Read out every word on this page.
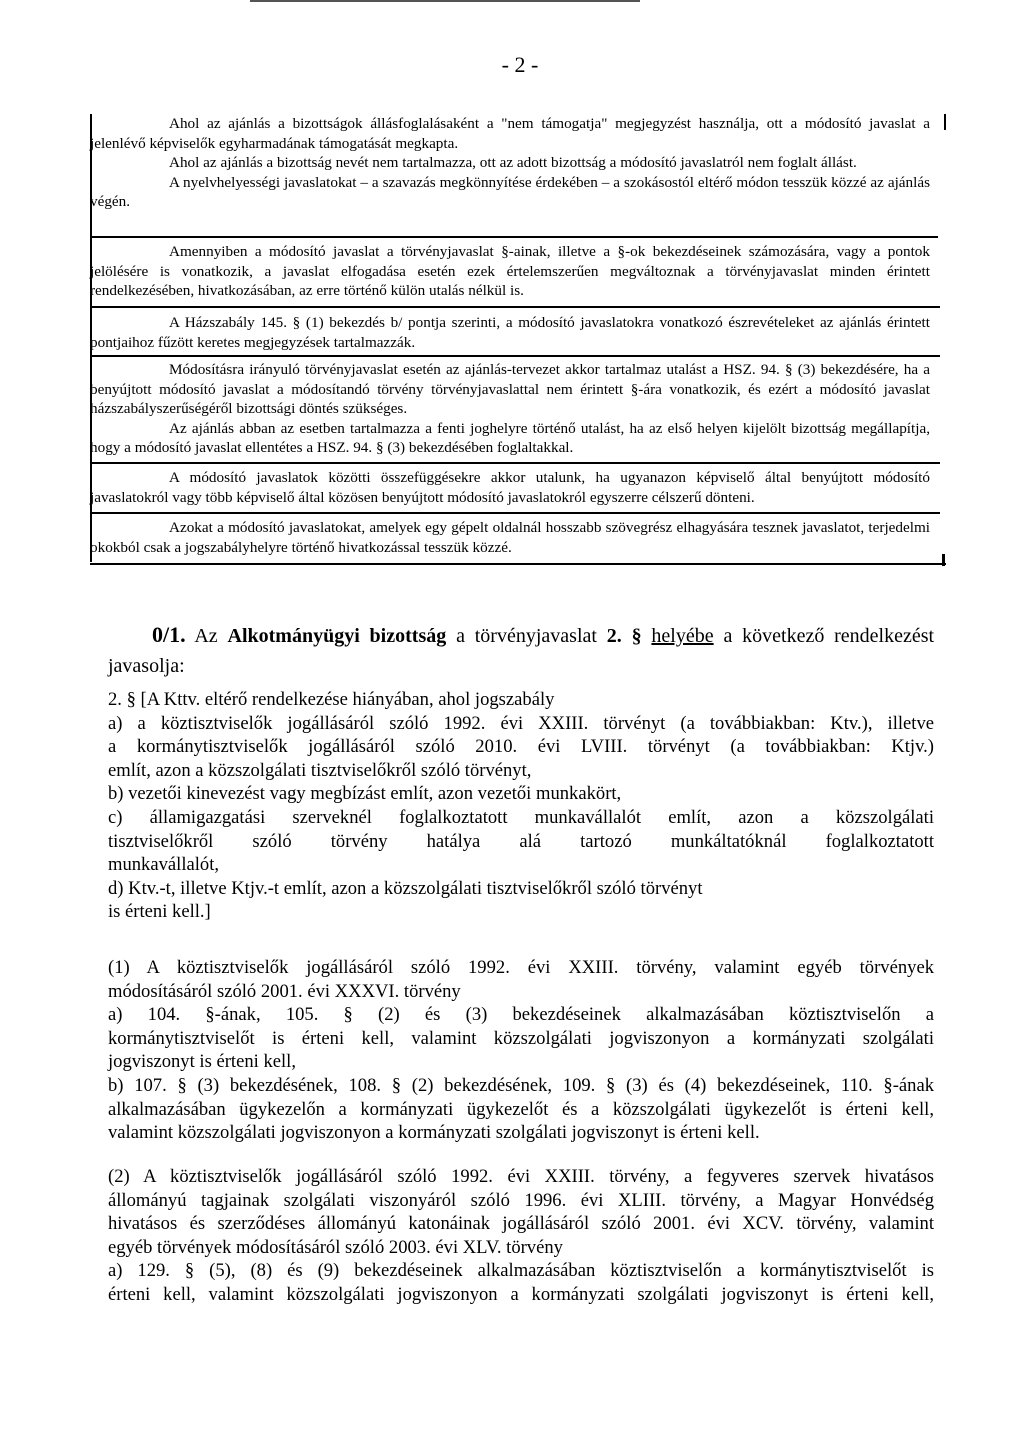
- 2 -

Ahol az ajánlás a bizottságok állásfoglalásaként a "nem támogatja" megjegyzést használja, ott a módosító javaslat a jelenlévő képviselők egyharmadának támogatását megkapta.

Ahol az ajánlás a bizottság nevét nem tartalmazza, ott az adott bizottság a módosító javaslatról nem foglalt állást.

A nyelvhelyességi javaslatokat – a szavazás megkönnyítése érdekében – a szokásostól eltérő módon tesszük közzé az ajánlás végén.

Amennyiben a módosító javaslat a törvényjavaslat §-ainak, illetve a §-ok bekezdéseinek számozására, vagy a pontok jelölésére is vonatkozik, a javaslat elfogadása esetén ezek értelemszerűen megváltoznak a törvényjavaslat minden érintett rendelkezésében, hivatkozásában, az erre történő külön utalás nélkül is.

A Házszabály 145. § (1) bekezdés b/ pontja szerinti, a módosító javaslatokra vonatkozó észrevételeket az ajánlás érintett pontjaihoz fűzött keretes megjegyzések tartalmazzák.

Módosításra irányuló törvényjavaslat esetén az ajánlás-tervezet akkor tartalmaz utalást a HSZ. 94. § (3) bekezdésére, ha a benyújtott módosító javaslat a módosítandó törvény törvényjavaslattal nem érintett §-ára vonatkozik, és ezért a módosító javaslat házszabályszerűségéről bizottsági döntés szükséges.

Az ajánlás abban az esetben tartalmazza a fenti joghelyre történő utalást, ha az első helyen kijelölt bizottság megállapítja, hogy a módosító javaslat ellentétes a HSZ. 94. § (3) bekezdésében foglaltakkal.

A módosító javaslatok közötti összefüggésekre akkor utalunk, ha ugyanazon képviselő által benyújtott módosító javaslatokról vagy több képviselő által közösen benyújtott módosító javaslatokról egyszerre célszerű dönteni.

Azokat a módosító javaslatokat, amelyek egy gépelt oldalnál hosszabb szövegrész elhagyására tesznek javaslatot, terjedelmi okokból csak a jogszabályhelyre történő hivatkozással tesszük közzé.

0/1. Az Alkotmányügyi bizottság a törvényjavaslat 2. § helyébe a következő rendelkezést javasolja:
2. § [A Kttv. eltérő rendelkezése hiányában, ahol jogszabály
a) a köztisztviselők jogállásáról szóló 1992. évi XXIII. törvényt (a továbbiakban: Ktv.), illetve
a kormánytisztviselők jogállásáról szóló 2010. évi LVIII. törvényt (a továbbiakban: Ktjv.)
említ, azon a közszolgálati tisztviselőkről szóló törvényt,
b) vezetői kinevezést vagy megbízást említ, azon vezetői munkakört,
c) államigazgatási szerveknél foglalkoztatott munkavállalót említ, azon a közszolgálati
tisztviselőkről szóló törvény hatálya alá tartozó munkáltatóknál foglalkoztatott
munkavállalót,
d) Ktv.-t, illetve Ktjv.-t említ, azon a közszolgálati tisztviselőkről szóló törvényt
is érteni kell.]
(1) A köztisztviselők jogállásáról szóló 1992. évi XXIII. törvény, valamint egyéb törvények
módosításáról szóló 2001. évi XXXVI. törvény
a) 104. §-ának, 105. § (2) és (3) bekezdéseinek alkalmazásában köztisztviselőn a
kormánytisztviselőt is érteni kell, valamint közszolgálati jogviszonyon a kormányzati szolgálati
jogviszonyt is érteni kell,
b) 107. § (3) bekezdésének, 108. § (2) bekezdésének, 109. § (3) és (4) bekezdéseinek, 110. §-ának
alkalmazásában ügykezelőn a kormányzati ügykezelőt és a közszolgálati ügykezelőt is érteni kell,
valamint közszolgálati jogviszonyon a kormányzati szolgálati jogviszonyt is érteni kell.
(2) A köztisztviselők jogállásáról szóló 1992. évi XXIII. törvény, a fegyveres szervek hivatásos
állományú tagjainak szolgálati viszonyáról szóló 1996. évi XLIII. törvény, a Magyar Honvédség
hivatásos és szerződéses állományú katonáinak jogállásáról szóló 2001. évi XCV. törvény, valamint
egyéb törvények módosításáról szóló 2003. évi XLV. törvény
a) 129. § (5), (8) és (9) bekezdéseinek alkalmazásában köztisztviselőn a kormánytisztviselőt is
érteni kell, valamint közszolgálati jogviszonyon a kormányzati szolgálati jogviszonyt is érteni kell,
